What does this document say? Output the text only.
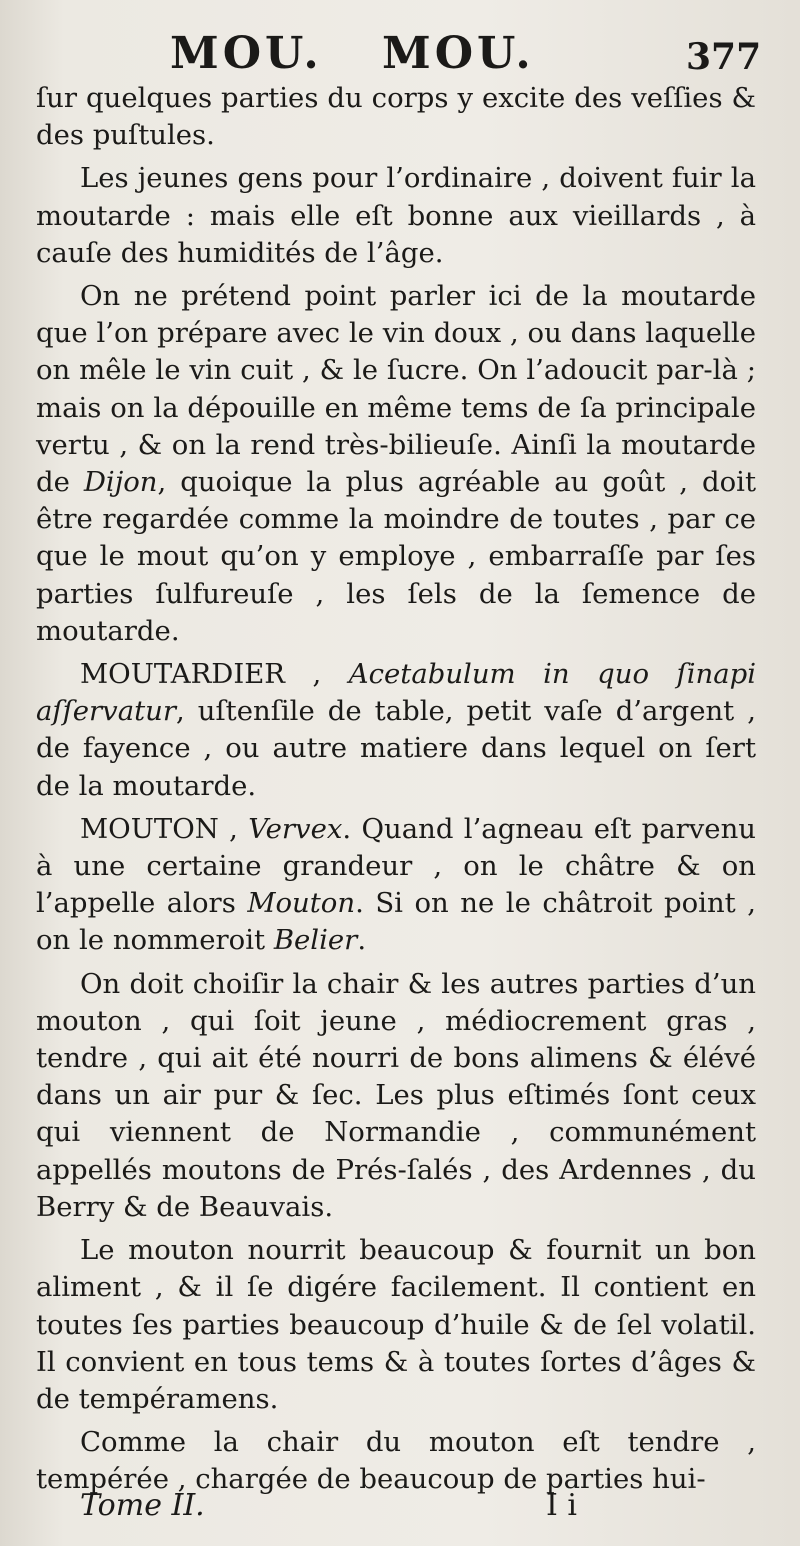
MOU. MOU.	377

ſur quelques parties du corps y excite des veſſies & des puſtules.

Les jeunes gens pour l’ordinaire , doivent fuir la moutarde : mais elle eſt bonne aux vieillards , à cauſe des humidités de l’âge.

On ne prétend point parler ici de la moutarde que l’on prépare avec le vin doux , ou dans laquelle on mêle le vin cuit , & le ſucre. On l’adoucit par-là ; mais on la dépouille en même tems de ſa principale vertu , & on la rend très-bilieuſe. Ainſi la moutarde de Dijon, quoique la plus agréable au goût , doit être regardée comme la moindre de toutes , par ce que le mout qu’on y employe , embarraſſe par ſes parties ſulfureuſe , les ſels de la ſemence de moutarde.

MOUTARDIER , Acetabulum in quo ſinapi aſſervatur, uſtenſile de table, petit vaſe d’argent , de fayence , ou autre matiere dans lequel on ſert de la moutarde.

MOUTON , Vervex. Quand l’agneau eſt parvenu à une certaine grandeur , on le châtre & on l’appelle alors Mouton. Si on ne le châtroit point , on le nommeroit Belier.

On doit choiſir la chair & les autres parties d’un mouton , qui ſoit jeune , médiocrement gras , tendre , qui ait été nourri de bons alimens & élévé dans un air pur & ſec. Les plus eſtimés ſont ceux qui viennent de Normandie , communément appellés moutons de Prés-ſalés , des Ardennes , du Berry & de Beauvais.

Le mouton nourrit beaucoup & fournit un bon aliment , & il ſe digére facilement. Il contient en toutes ſes parties beaucoup d’huile & de ſel volatil. Il convient en tous tems & à toutes ſortes d’âges & de tempéramens.

Comme la chair du mouton eſt tendre , tempérée , chargée de beaucoup de parties hui-

Tome II.	I i
